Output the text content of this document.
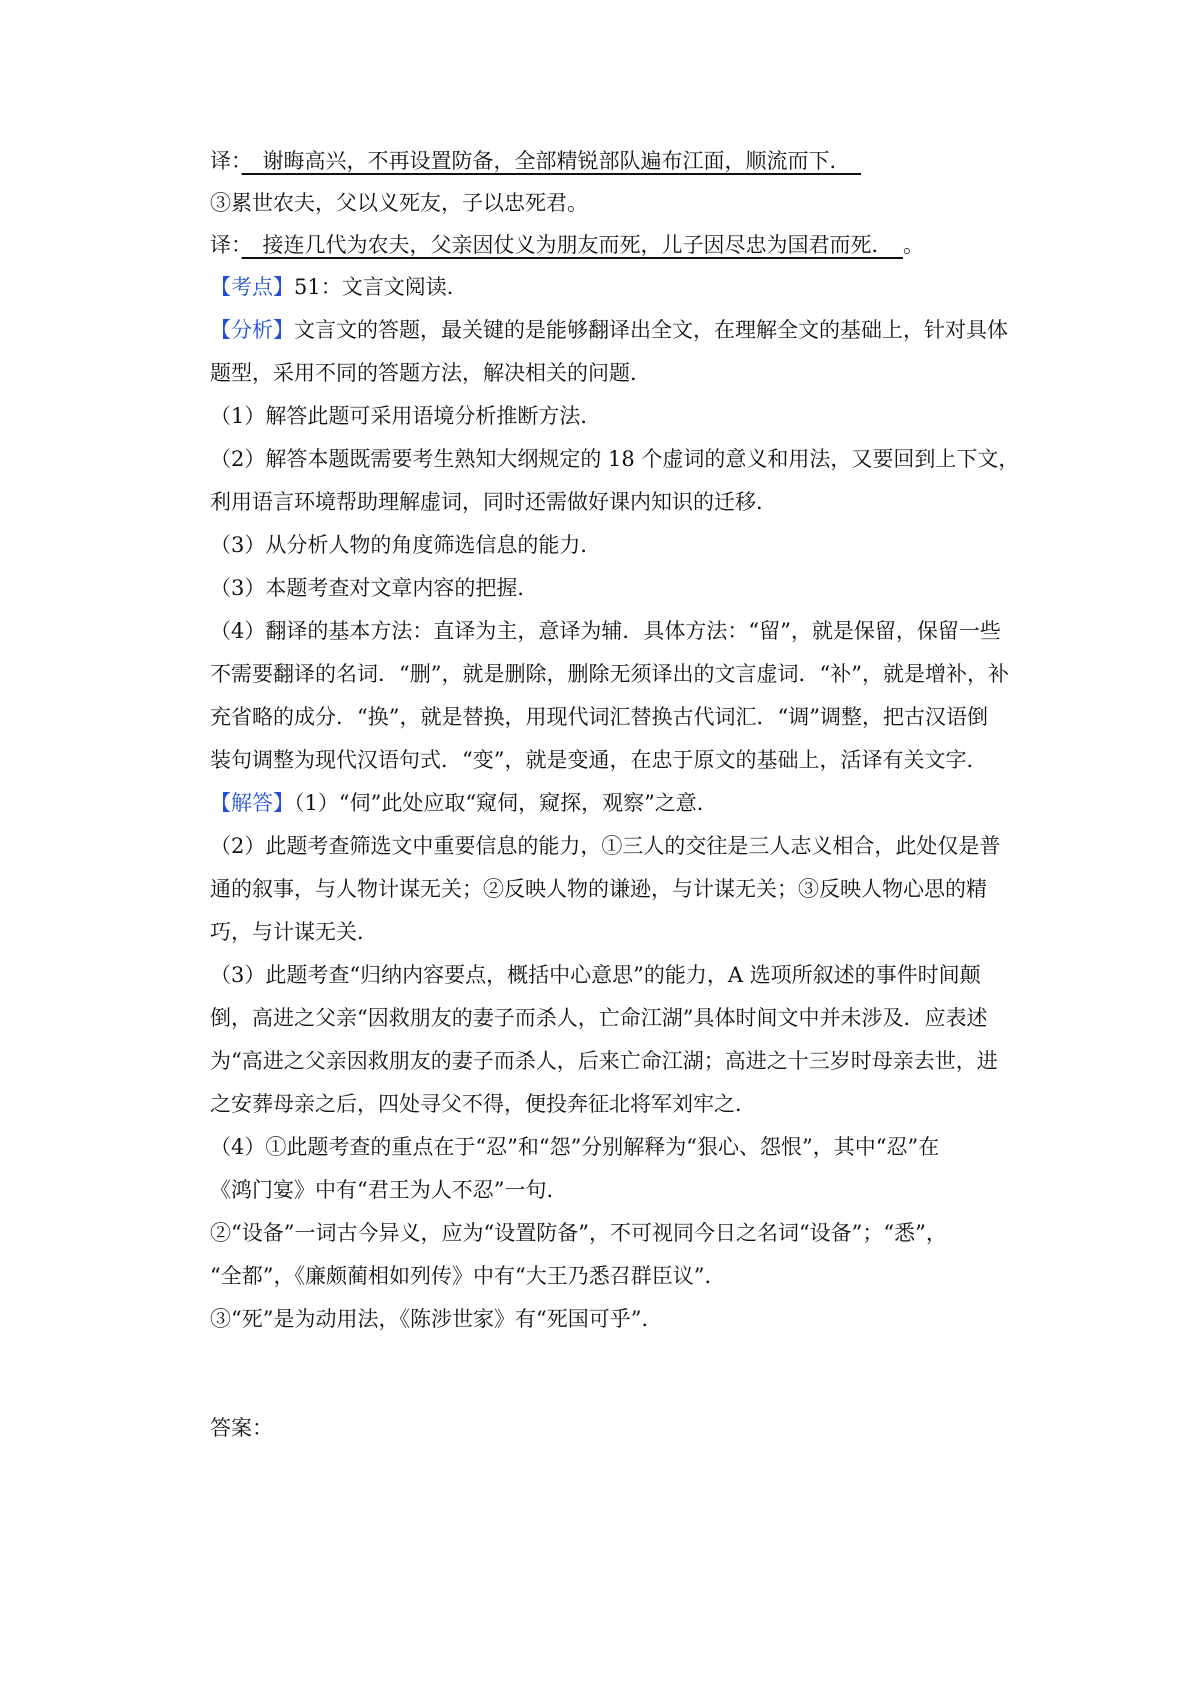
译：　谢晦高兴，不再设置防备，全部精锐部队遍布江面，顺流而下．　
③累世农夫，父以义死友，子以忠死君。
译：　接连几代为农夫，父亲因仗义为朋友而死，儿子因尽忠为国君而死．　。
【考点】51：文言文阅读．
【分析】文言文的答题，最关键的是能够翻译出全文，在理解全文的基础上，针对具体
题型，采用不同的答题方法，解决相关的问题．
（1）解答此题可采用语境分析推断方法．
（2）解答本题既需要考生熟知大纲规定的 18 个虚词的意义和用法，又要回到上下文，
利用语言环境帮助理解虚词，同时还需做好课内知识的迁移．
（3）从分析人物的角度筛选信息的能力．
（3）本题考查对文章内容的把握．
（4）翻译的基本方法：直译为主，意译为辅．具体方法：“留”，就是保留，保留一些
不需要翻译的名词．“删”，就是删除，删除无须译出的文言虚词．“补”，就是增补，补
充省略的成分．“换”，就是替换，用现代词汇替换古代词汇．“调”调整，把古汉语倒
装句调整为现代汉语句式．“变”，就是变通，在忠于原文的基础上，活译有关文字．
【解答】（1）“伺”此处应取“窥伺，窥探，观察”之意．
（2）此题考查筛选文中重要信息的能力，①三人的交往是三人志义相合，此处仅是普
通的叙事，与人物计谋无关；②反映人物的谦逊，与计谋无关；③反映人物心思的精
巧，与计谋无关．
（3）此题考查“归纳内容要点，概括中心意思”的能力，A 选项所叙述的事件时间颠
倒，高进之父亲“因救朋友的妻子而杀人，亡命江湖”具体时间文中并未涉及．应表述
为“高进之父亲因救朋友的妻子而杀人，后来亡命江湖；高进之十三岁时母亲去世，进
之安葬母亲之后，四处寻父不得，便投奔征北将军刘牢之．
（4）①此题考查的重点在于“忍”和“怨”分别解释为“狠心、怨恨”，其中“忍”在
《鸿门宴》中有“君王为人不忍”一句．
②“设备”一词古今异义，应为“设置防备”，不可视同今日之名词“设备”；“悉”，
“全都”，《廉颇蔺相如列传》中有“大王乃悉召群臣议”．
③“死”是为动用法，《陈涉世家》有“死国可乎”．
答案：
